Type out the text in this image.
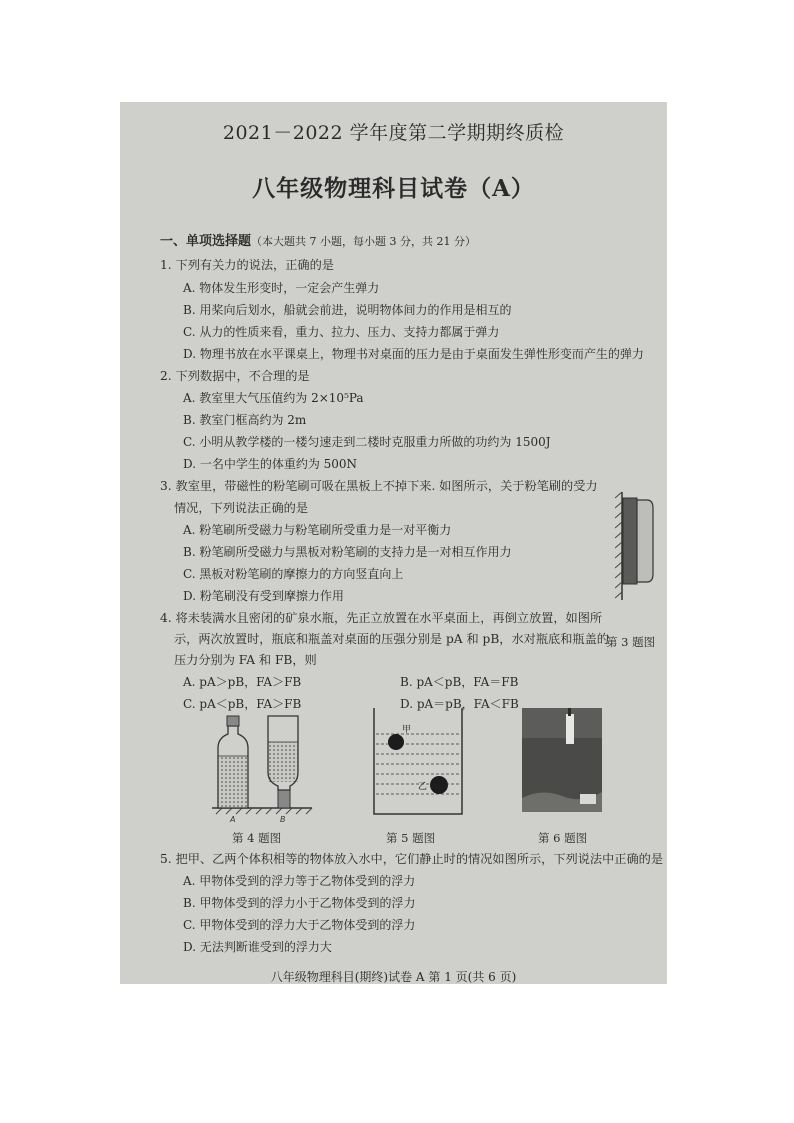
2021－2022 学年度第二学期期终质检
八年级物理科目试卷（A）
一、单项选择题（本大题共 7 小题，每小题 3 分，共 21 分）
1. 下列有关力的说法，正确的是
A. 物体发生形变时，一定会产生弹力
B. 用桨向后划水，船就会前进，说明物体间力的作用是相互的
C. 从力的性质来看，重力、拉力、压力、支持力都属于弹力
D. 物理书放在水平课桌上，物理书对桌面的压力是由于桌面发生弹性形变而产生的弹力
2. 下列数据中，不合理的是
A. 教室里大气压值约为 2×10⁵Pa
B. 教室门框高约为 2m
C. 小明从教学楼的一楼匀速走到二楼时克服重力所做的功约为 1500J
D. 一名中学生的体重约为 500N
3. 教室里，带磁性的粉笔刷可吸在黑板上不掉下来. 如图所示，关于粉笔刷的受力
情况，下列说法正确的是
A. 粉笔刷所受磁力与粉笔刷所受重力是一对平衡力
B. 粉笔刷所受磁力与黑板对粉笔刷的支持力是一对相互作用力
C. 黑板对粉笔刷的摩擦力的方向竖直向上
D. 粉笔刷没有受到摩擦力作用
第 3 题图
4. 将未装满水且密闭的矿泉水瓶，先正立放置在水平桌面上，再倒立放置，如图所
示，两次放置时，瓶底和瓶盖对桌面的压强分别是 pA 和 pB，水对瓶底和瓶盖的
压力分别为 FA 和 FB，则
A. pA＞pB，FA＞FB	B. pA＜pB，FA＝FB
C. pA＜pB，FA＞FB	D. pA＝pB，FA＜FB
A	B
第 4 题图
甲
乙
第 5 题图	第 6 题图
5. 把甲、乙两个体积相等的物体放入水中，它们静止时的情况如图所示，下列说法中正确的是
A. 甲物体受到的浮力等于乙物体受到的浮力
B. 甲物体受到的浮力小于乙物体受到的浮力
C. 甲物体受到的浮力大于乙物体受到的浮力
D. 无法判断谁受到的浮力大
八年级物理科目(期终)试卷 A 第 1 页(共 6 页)
